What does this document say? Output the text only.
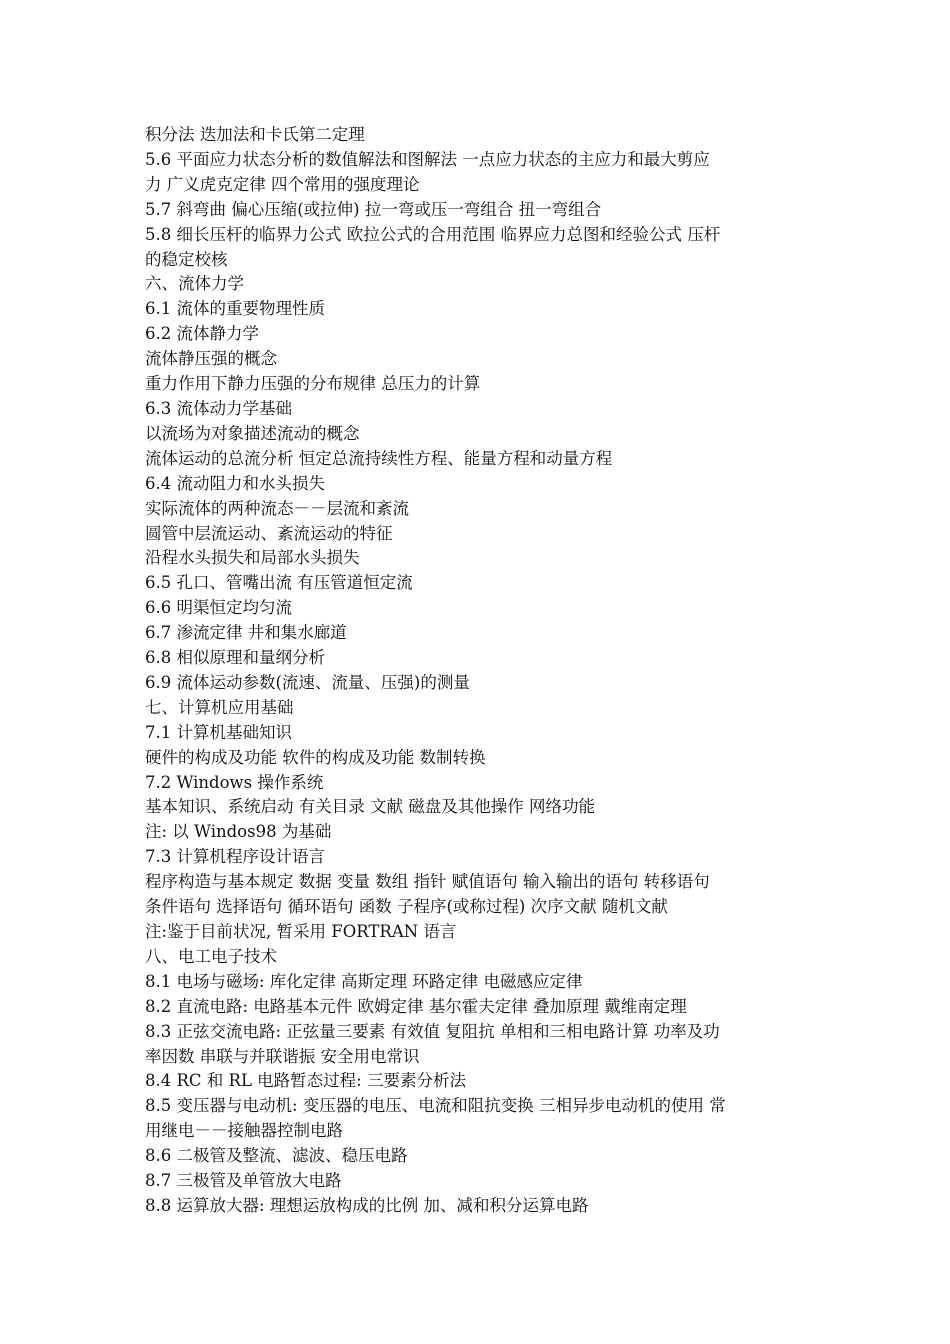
积分法 迭加法和卡氏第二定理
5.6 平面应力状态分析的数值解法和图解法 一点应力状态的主应力和最大剪应
力 广义虎克定律 四个常用的强度理论
5.7 斜弯曲 偏心压缩(或拉伸) 拉一弯或压一弯组合 扭一弯组合
5.8 细长压杆的临界力公式 欧拉公式的合用范围 临界应力总图和经验公式 压杆
的稳定校核
六、流体力学
6.1 流体的重要物理性质
6.2 流体静力学
流体静压强的概念
重力作用下静力压强的分布规律 总压力的计算
6.3 流体动力学基础
以流场为对象描述流动的概念
流体运动的总流分析 恒定总流持续性方程、能量方程和动量方程
6.4 流动阻力和水头损失
实际流体的两种流态－－层流和紊流
圆管中层流运动、紊流运动的特征
沿程水头损失和局部水头损失
6.5 孔口、管嘴出流 有压管道恒定流
6.6 明渠恒定均匀流
6.7 渗流定律 井和集水廊道
6.8 相似原理和量纲分析
6.9 流体运动参数(流速、流量、压强)的测量
七、计算机应用基础
7.1 计算机基础知识
硬件的构成及功能 软件的构成及功能 数制转换
7.2 Windows 操作系统
基本知识、系统启动 有关目录 文献 磁盘及其他操作 网络功能
注: 以 Windos98 为基础
7.3 计算机程序设计语言
程序构造与基本规定 数据 变量 数组 指针 赋值语句 输入输出的语句 转移语句
条件语句 选择语句 循环语句 函数 子程序(或称过程) 次序文献 随机文献
注:鉴于目前状况, 暂采用 FORTRAN 语言
八、电工电子技术
8.1 电场与磁场: 库化定律 高斯定理 环路定律 电磁感应定律
8.2 直流电路: 电路基本元件 欧姆定律 基尔霍夫定律 叠加原理 戴维南定理
8.3 正弦交流电路: 正弦量三要素 有效值 复阻抗 单相和三相电路计算 功率及功
率因数 串联与并联谐振 安全用电常识
8.4 RC 和 RL 电路暂态过程: 三要素分析法
8.5 变压器与电动机: 变压器的电压、电流和阻抗变换 三相异步电动机的使用 常
用继电－－接触器控制电路
8.6 二极管及整流、滤波、稳压电路
8.7 三极管及单管放大电路
8.8 运算放大器: 理想运放构成的比例 加、减和积分运算电路
